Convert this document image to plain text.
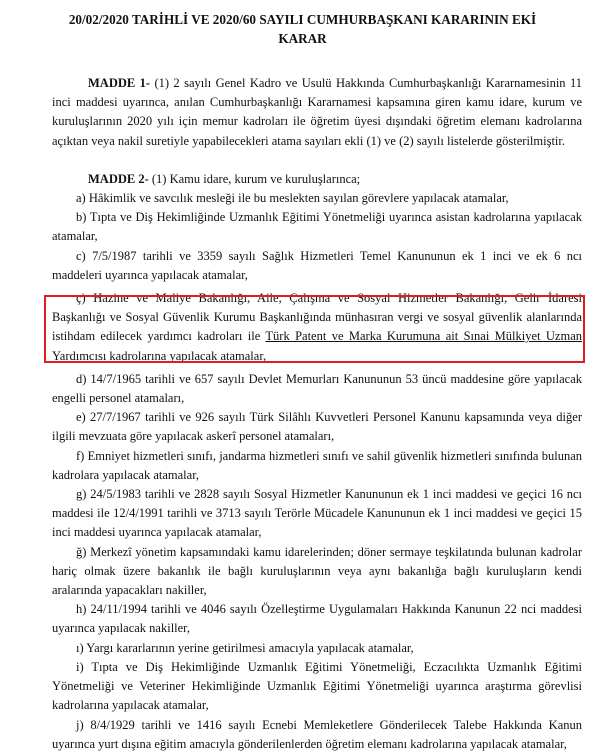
20/02/2020 TARİHLİ VE 2020/60 SAYILI CUMHURBAŞKANI KARARININ EKİ
KARAR

MADDE 1- (1) 2 sayılı Genel Kadro ve Usulü Hakkında Cumhurbaşkanlığı Kararnamesinin 11 inci maddesi uyarınca, anılan Cumhurbaşkanlığı Kararnamesi kapsamına giren kamu idare, kurum ve kuruluşlarının 2020 yılı için memur kadroları ile öğretim üyesi dışındaki öğretim elemanı kadrolarına açıktan veya nakil suretiyle yapabilecekleri atama sayıları ekli (1) ve (2) sayılı listelerde gösterilmiştir.

MADDE 2- (1) Kamu idare, kurum ve kuruluşlarınca;

a) Hâkimlik ve savcılık mesleği ile bu meslekten sayılan görevlere yapılacak atamalar,

b) Tıpta ve Diş Hekimliğinde Uzmanlık Eğitimi Yönetmeliği uyarınca asistan kadrolarına yapılacak atamalar,

c) 7/5/1987 tarihli ve 3359 sayılı Sağlık Hizmetleri Temel Kanununun ek 1 inci ve ek 6 ncı maddeleri uyarınca yapılacak atamalar,

ç) Hazine ve Maliye Bakanlığı, Aile, Çalışma ve Sosyal Hizmetler Bakanlığı, Gelir İdaresi Başkanlığı ve Sosyal Güvenlik Kurumu Başkanlığında münhasıran vergi ve sosyal güvenlik alanlarında istihdam edilecek yardımcı kadroları ile Türk Patent ve Marka Kurumuna ait Sınai Mülkiyet Uzman Yardımcısı kadrolarına yapılacak atamalar,

d) 14/7/1965 tarihli ve 657 sayılı Devlet Memurları Kanununun 53 üncü maddesine göre yapılacak engelli personel atamaları,

e) 27/7/1967 tarihli ve 926 sayılı Türk Silâhlı Kuvvetleri Personel Kanunu kapsamında veya diğer ilgili mevzuata göre yapılacak askerî personel atamaları,

f) Emniyet hizmetleri sınıfı, jandarma hizmetleri sınıfı ve sahil güvenlik hizmetleri sınıfında bulunan kadrolara yapılacak atamalar,

g) 24/5/1983 tarihli ve 2828 sayılı Sosyal Hizmetler Kanununun ek 1 inci maddesi ve geçici 16 ncı maddesi ile 12/4/1991 tarihli ve 3713 sayılı Terörle Mücadele Kanununun ek 1 inci maddesi ve geçici 15 inci maddesi uyarınca yapılacak atamalar,

ğ) Merkezî yönetim kapsamındaki kamu idarelerinden; döner sermaye teşkilatında bulunan kadrolar hariç olmak üzere bakanlık ile bağlı kuruluşlarının veya aynı bakanlığa bağlı kuruluşların kendi aralarında yapacakları nakiller,

h) 24/11/1994 tarihli ve 4046 sayılı Özelleştirme Uygulamaları Hakkında Kanunun 22 nci maddesi uyarınca yapılacak nakiller,

ı) Yargı kararlarının yerine getirilmesi amacıyla yapılacak atamalar,

i) Tıpta ve Diş Hekimliğinde Uzmanlık Eğitimi Yönetmeliği, Eczacılıkta Uzmanlık Eğitimi Yönetmeliği ve Veteriner Hekimliğinde Uzmanlık Eğitimi Yönetmeliği uyarınca araştırma görevlisi kadrolarına yapılacak atamalar,

j) 8/4/1929 tarihli ve 1416 sayılı Ecnebi Memleketlere Gönderilecek Talebe Hakkında Kanun uyarınca yurt dışına eğitim amacıyla gönderilenlerden öğretim elemanı kadrolarına yapılacak atamalar,
